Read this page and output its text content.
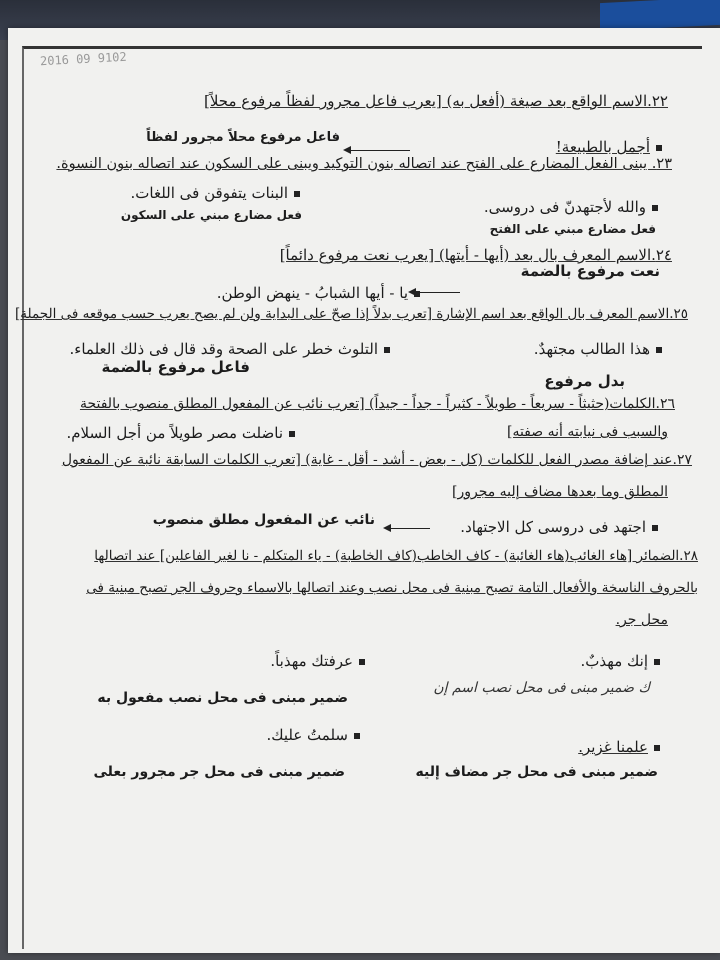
2016 09 9102
٢٢.الاسم الواقع بعد صيغة (أفعل به) [يعرب فاعل مجرور لفظاً مرفوع محلاً]
أجمل بالطبيعة!
فاعل مرفوع محلاً مجرور لفظاً
٢٣. يبنى الفعل المضارع على الفتح عند اتصاله بنون التوكيد ويبنى على السكون عند اتصاله بنون النسوة.
البنات يتفوقن فى اللغات.
والله لأجتهدنّ فى دروسى.
فعل مضارع مبني على السكون
فعل مضارع مبني على الفتح
٢٤.الاسم المعرف بال بعد (أيها - أيتها) [يعرب نعت مرفوع دائماً]
نعت مرفوع بالضمة
يا - أيها الشبابُ - ينهض الوطن.
٢٥.الاسم المعرف بال الواقع بعد اسم الإشارة [تعرب بدلاً إذا صحّ على البداية ولن لم يصح يعرب حسب موقعه فى الجملة]
هذا الطالب مجتهدٌ.
التلوث خطر على الصحة وقد قال فى ذلك العلماء.
فاعل مرفوع بالضمة
بدل مرفوع
٢٦.الكلمات(حثيثاً - سريعاً - طويلاً - كثيراً - جداً - جيداً) [تعرب نائب عن المفعول المطلق منصوب بالفتحة
والسبب فى نيابته أنه صفته]
ناضلت مصر طويلاً من أجل السلام.
٢٧.عند إضافة مصدر الفعل للكلمات (كل - بعض - أشد - أقل - غاية) [تعرب الكلمات السابقة نائبة عن المفعول
المطلق وما بعدها مضاف إليه مجرور]
اجتهد فى دروسى كل الاجتهاد.
نائب عن المفعول مطلق منصوب
٢٨.الضمائر [هاء الغائب(هاء الغائبة) - كاف الخاطب(كاف الخاطبة) - ياء المتكلم - نا لغير الفاعلين] عند اتصالها
بالحروف الناسخة والأفعال التامة تصبح مبنية فى محل نصب وعند اتصالها بالاسماء وحروف الجر تصبح مبنية فى
محل جر.
إنك مهذبٌ.
ك ضمير مبنى فى محل نصب اسم إن
عرفتك مهذباً.
ضمير مبنى فى محل نصب مفعول به
علمنا غزير.
ضمير مبنى فى محل جر مضاف إليه
سلمتُ عليك.
ضمير مبنى فى محل جر مجرور بعلى
